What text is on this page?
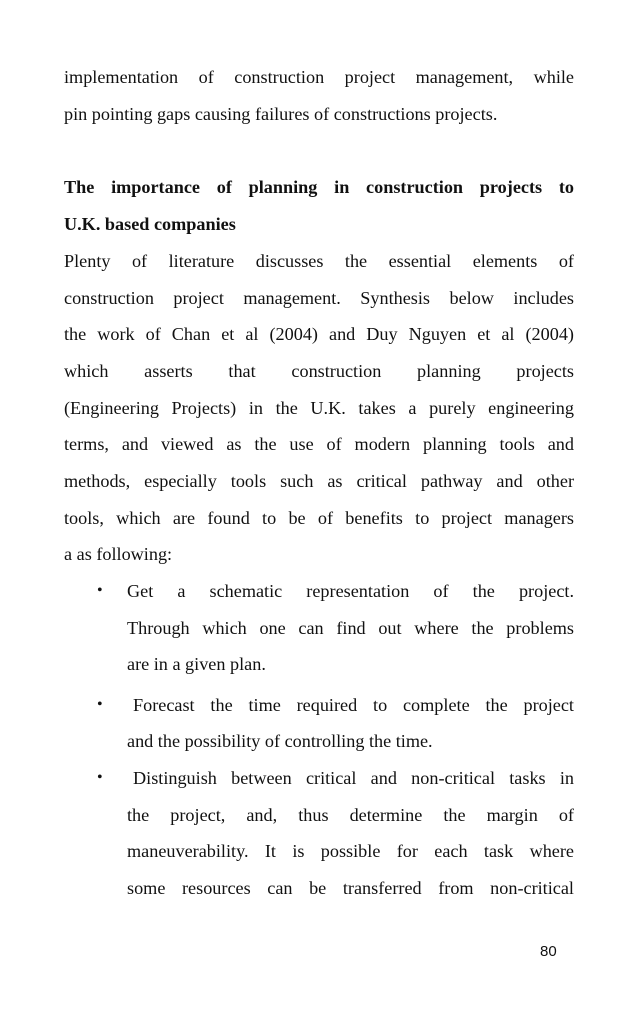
implementation of construction project management, while
pin pointing gaps causing failures of constructions projects.
The importance of planning in construction projects to
U.K. based companies
Plenty of literature discusses the essential elements of
construction project management. Synthesis below includes
the work of Chan et al (2004) and Duy Nguyen et al (2004)
which asserts that construction planning projects
(Engineering Projects) in the U.K. takes a purely engineering
terms, and viewed as the use of modern planning tools and
methods, especially tools such as critical pathway and other
tools, which are found to be of benefits to project managers
a as following:
• Get a schematic representation of the project.
Through which one can find out where the problems
are in a given plan.
•	Forecast the time required to complete the project
and the possibility of controlling the time.
•	Distinguish between critical and non-critical tasks in
the project, and, thus determine the margin of
maneuverability. It is possible for each task where
some resources can be transferred from non-critical
80
